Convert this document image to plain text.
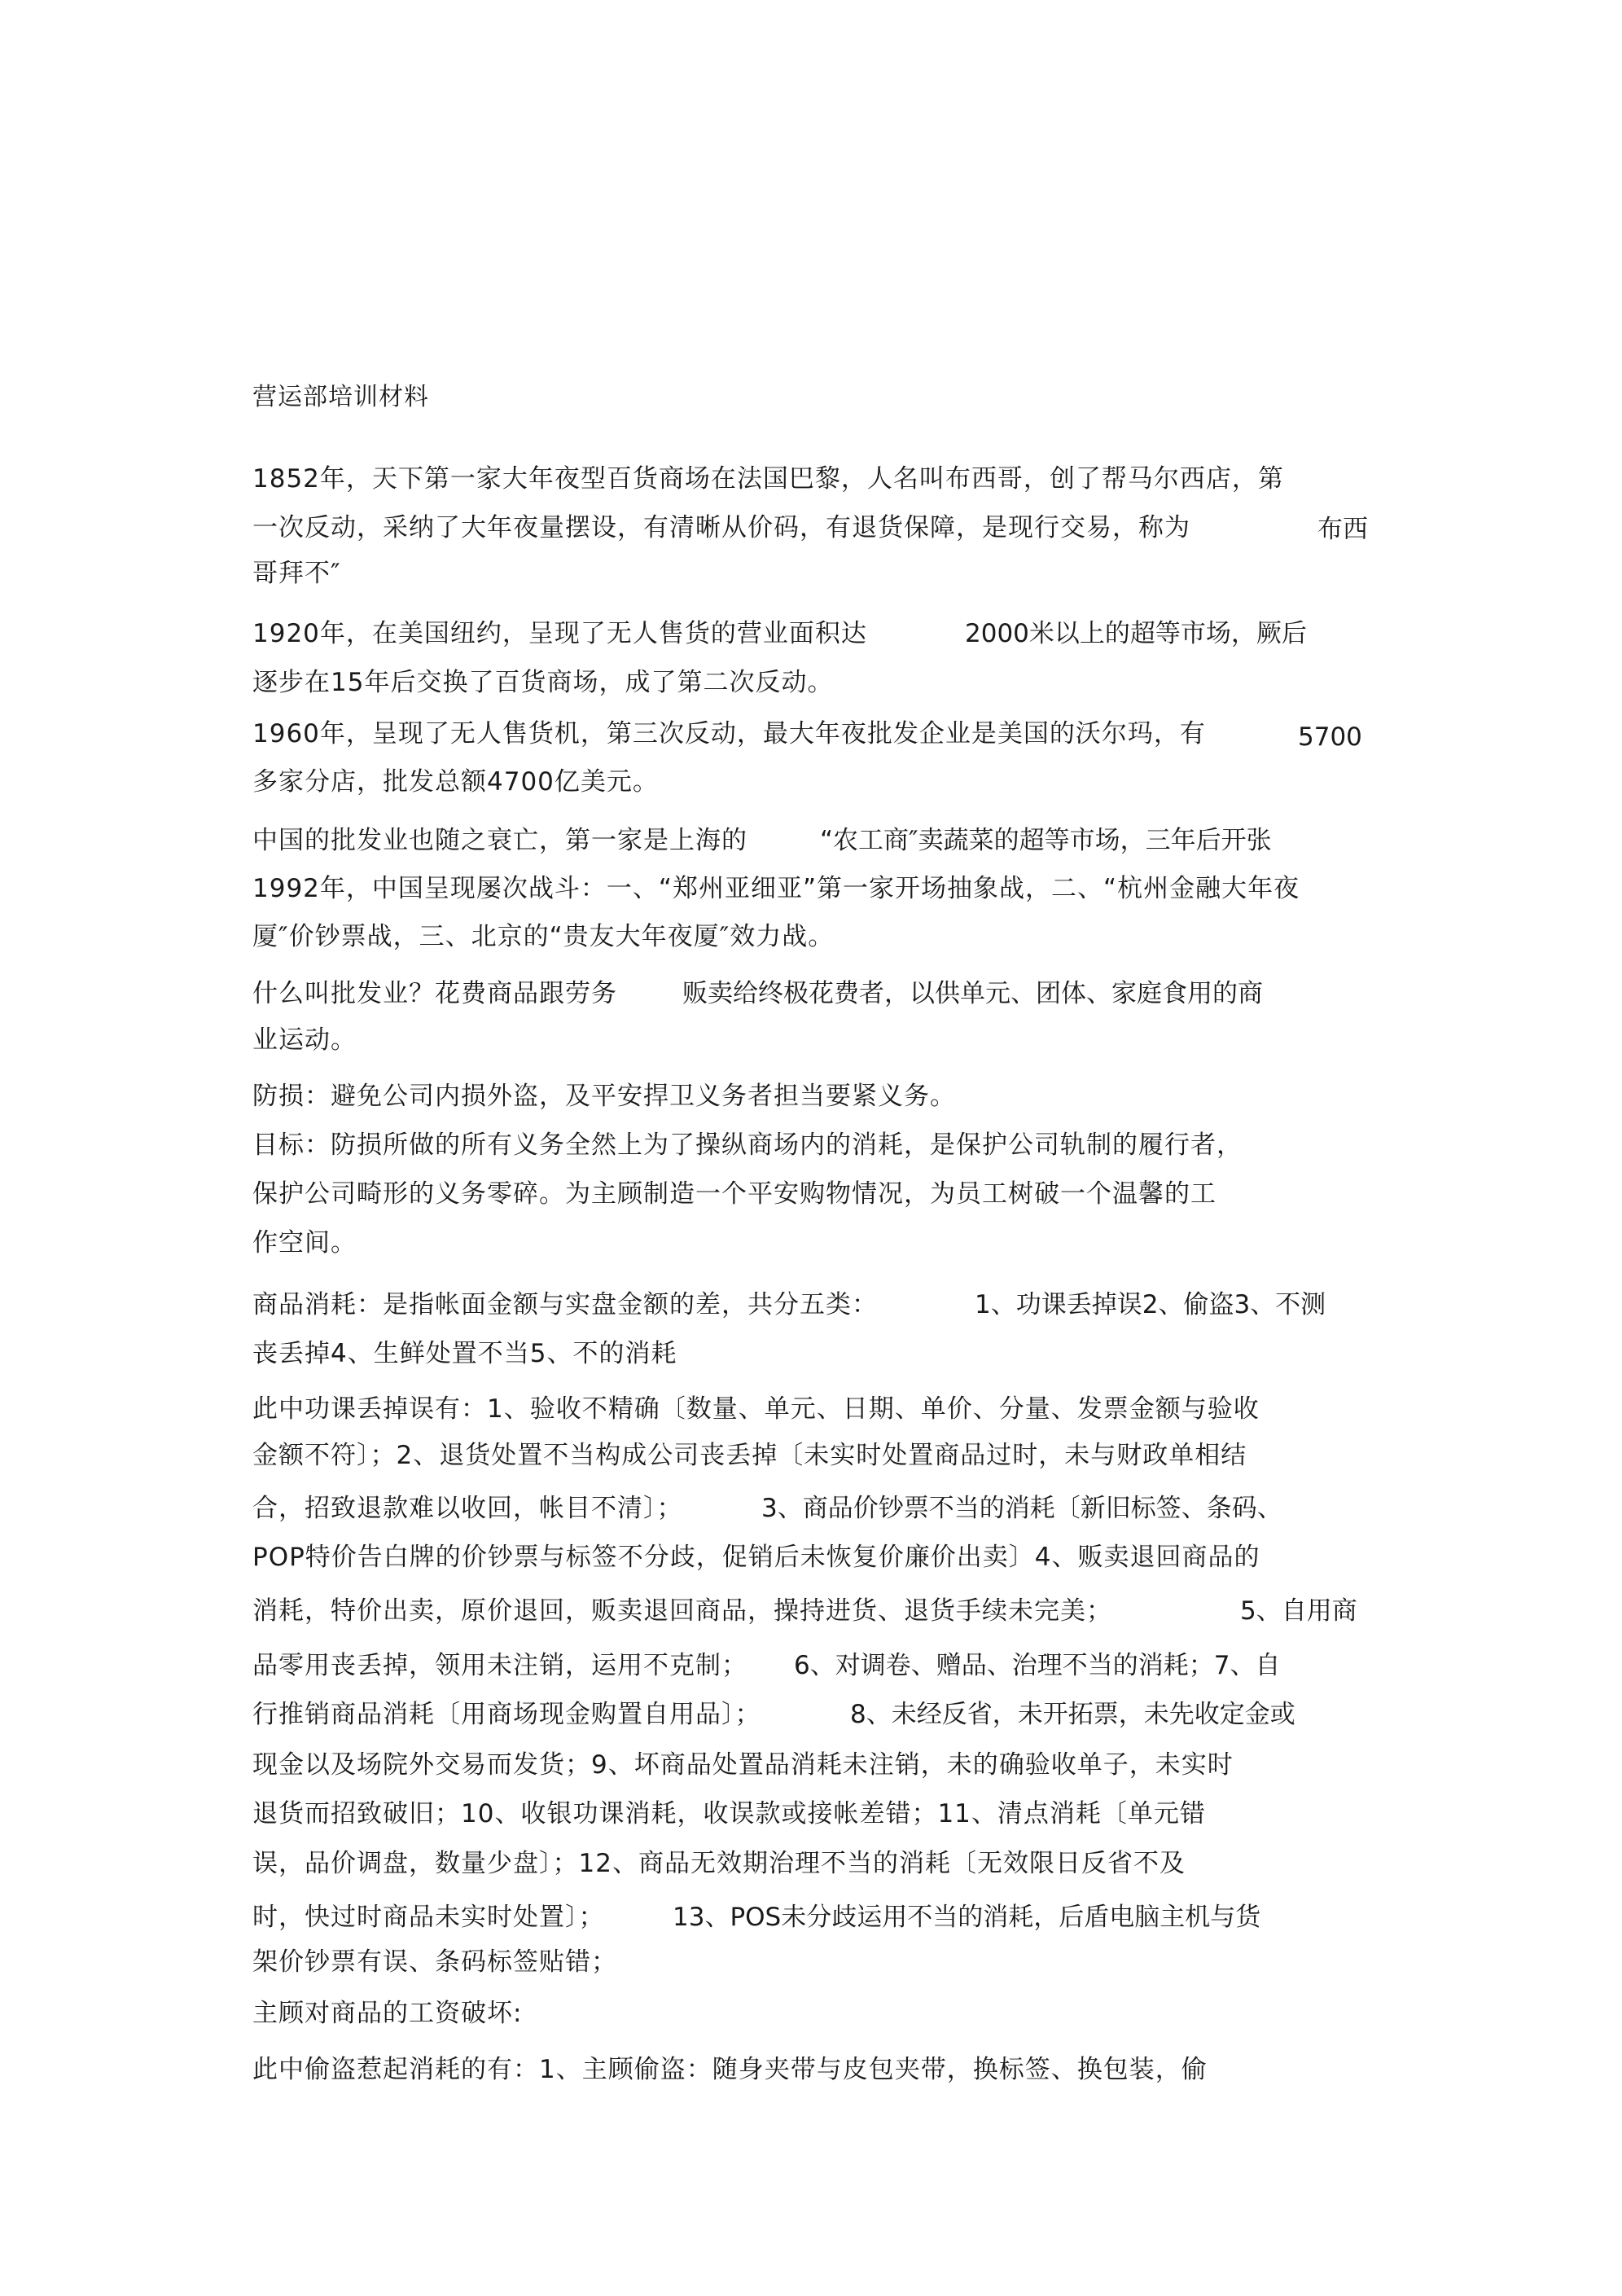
营运部培训材料
1852年，天下第一家大年夜型百货商场在法国巴黎，人名叫布西哥，创了帮马尔西店，第
一次反动，采纳了大年夜量摆设，有清晰从价码，有退货保障，是现行交易，称为	布西
哥拜不″
1920年，在美国纽约，呈现了无人售货的营业面积达	2000米以上的超等市场，厥后
逐步在15年后交换了百货商场，成了第二次反动。
1960年，呈现了无人售货机，第三次反动，最大年夜批发企业是美国的沃尔玛，有	5700
多家分店，批发总额4700亿美元。
中国的批发业也随之衰亡，第一家是上海的	“农工商″卖蔬菜的超等市场，三年后开张
1992年，中国呈现屡次战斗：一、“郑州亚细亚”第一家开场抽象战，二、“杭州金融大年夜
厦″价钞票战，三、北京的“贵友大年夜厦″效力战。
什么叫批发业？花费商品跟劳务	贩卖给终极花费者，以供单元、团体、家庭食用的商
业运动。
防损：避免公司内损外盗，及平安捍卫义务者担当要紧义务。
目标：防损所做的所有义务全然上为了操纵商场内的消耗，是保护公司轨制的履行者，
保护公司畸形的义务零碎。为主顾制造一个平安购物情况，为员工树破一个温馨的工
作空间。
商品消耗：是指帐面金额与实盘金额的差，共分五类：	1、功课丢掉误2、偷盗3、不测
丧丢掉4、生鲜处置不当5、不的消耗
此中功课丢掉误有：1、验收不精确〔数量、单元、日期、单价、分量、发票金额与验收
金额不符〕；2、退货处置不当构成公司丧丢掉〔未实时处置商品过时，未与财政单相结
合，招致退款难以收回，帐目不清〕；	3、商品价钞票不当的消耗〔新旧标签、条码、
POP特价告白牌的价钞票与标签不分歧，促销后未恢复价廉价出卖〕4、贩卖退回商品的
消耗，特价出卖，原价退回，贩卖退回商品，操持进货、退货手续未完美；	5、自用商
品零用丧丢掉，领用未注销，运用不克制； 6、对调卷、赠品、治理不当的消耗；7、自
行推销商品消耗〔用商场现金购置自用品〕；	8、未经反省，未开拓票，未先收定金或
现金以及场院外交易而发货；9、坏商品处置品消耗未注销，未的确验收单子，未实时
退货而招致破旧；10、收银功课消耗，收误款或接帐差错；11、清点消耗〔单元错
误，品价调盘，数量少盘〕；12、商品无效期治理不当的消耗〔无效限日反省不及
时，快过时商品未实时处置〕；	13、POS未分歧运用不当的消耗，后盾电脑主机与货
架价钞票有误、条码标签贴错；
主顾对商品的工资破坏:
此中偷盗惹起消耗的有：1、主顾偷盗：随身夹带与皮包夹带，换标签、换包装，偷
